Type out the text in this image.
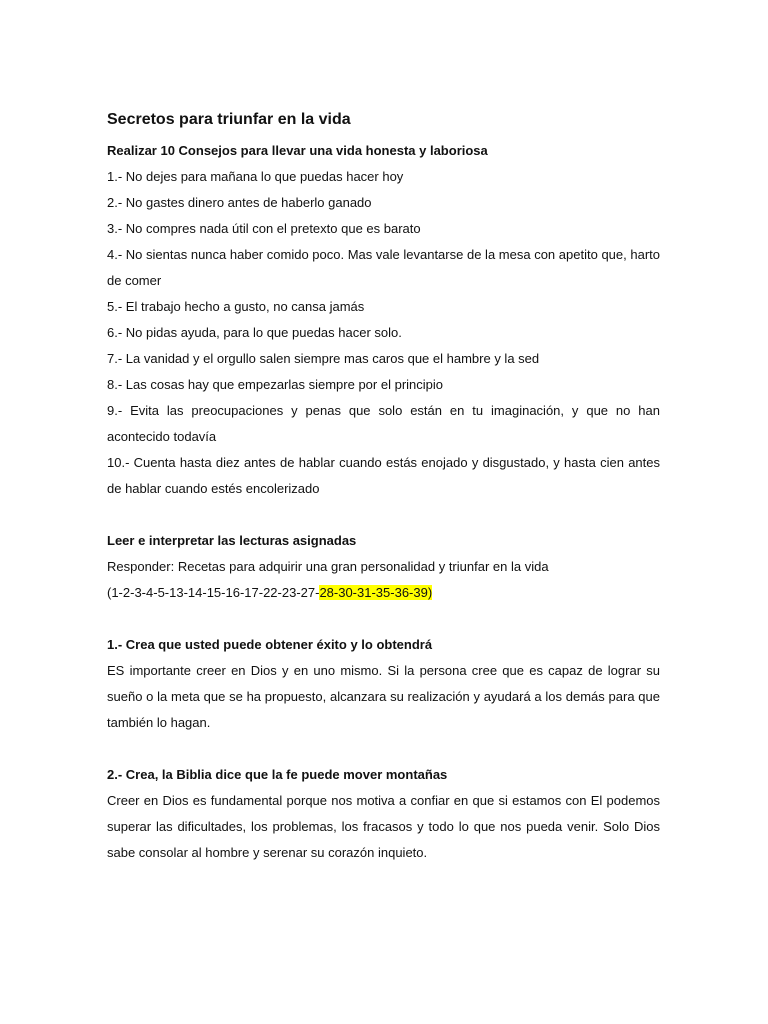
Secretos para triunfar en la vida
Realizar 10 Consejos para llevar una vida honesta y laboriosa
1.- No dejes para mañana lo que puedas hacer hoy
2.- No gastes dinero antes de haberlo ganado
3.- No compres nada útil con el pretexto que es barato
4.- No sientas nunca haber comido poco. Mas vale levantarse de la mesa con apetito que, harto de comer
5.- El trabajo hecho a gusto, no cansa jamás
6.- No pidas ayuda, para lo que puedas hacer solo.
7.- La vanidad y el orgullo salen siempre mas caros que el hambre y la sed
8.- Las cosas hay que empezarlas siempre por el principio
9.- Evita las preocupaciones y penas que solo están en tu imaginación, y que no han acontecido todavía
10.- Cuenta hasta diez antes de hablar cuando estás enojado y disgustado, y hasta cien antes de hablar cuando estés encolerizado
Leer e interpretar las lecturas asignadas
Responder: Recetas para adquirir una gran personalidad y triunfar en la vida
(1-2-3-4-5-13-14-15-16-17-22-23-27-28-30-31-35-36-39)
1.- Crea que usted puede obtener éxito y lo obtendrá
ES importante creer en Dios y en uno mismo. Si la persona cree que es capaz de lograr su sueño o la meta que se ha propuesto, alcanzara su realización y ayudará a los demás para que también lo hagan.
2.- Crea, la Biblia dice que la fe puede mover montañas
Creer en Dios es fundamental porque nos motiva a confiar en que si estamos con El podemos superar las dificultades, los problemas, los fracasos y todo lo que nos pueda venir. Solo Dios sabe consolar al hombre y serenar su corazón inquieto.
